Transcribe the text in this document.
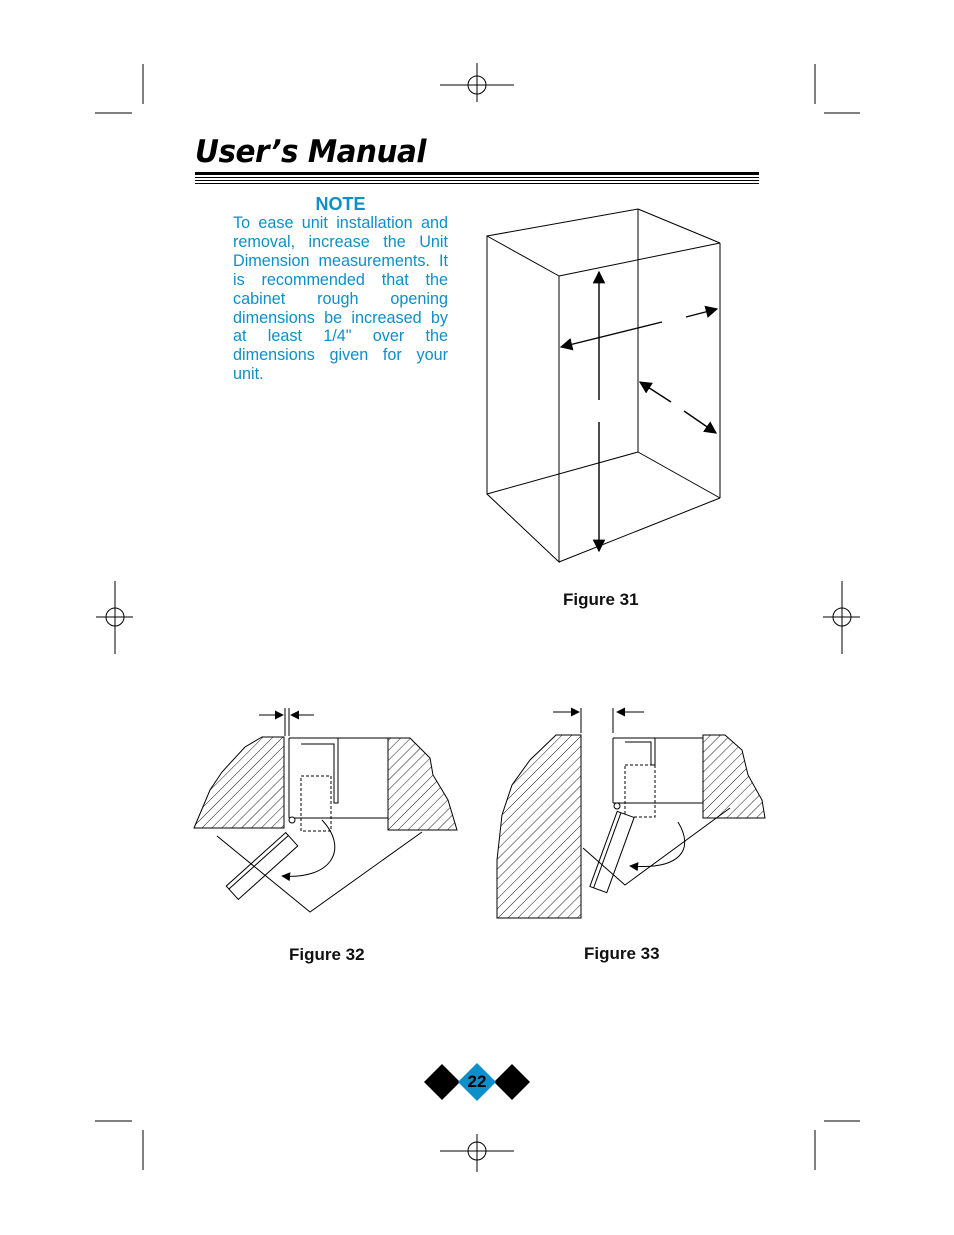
User’s Manual
NOTE
To ease unit installation and removal, increase the Unit Dimension measurements. It is recommended that the cabinet rough opening dimensions be increased by at least 1/4" over the dimensions given for your unit.
Figure 31
Figure 32	Figure 33
22
